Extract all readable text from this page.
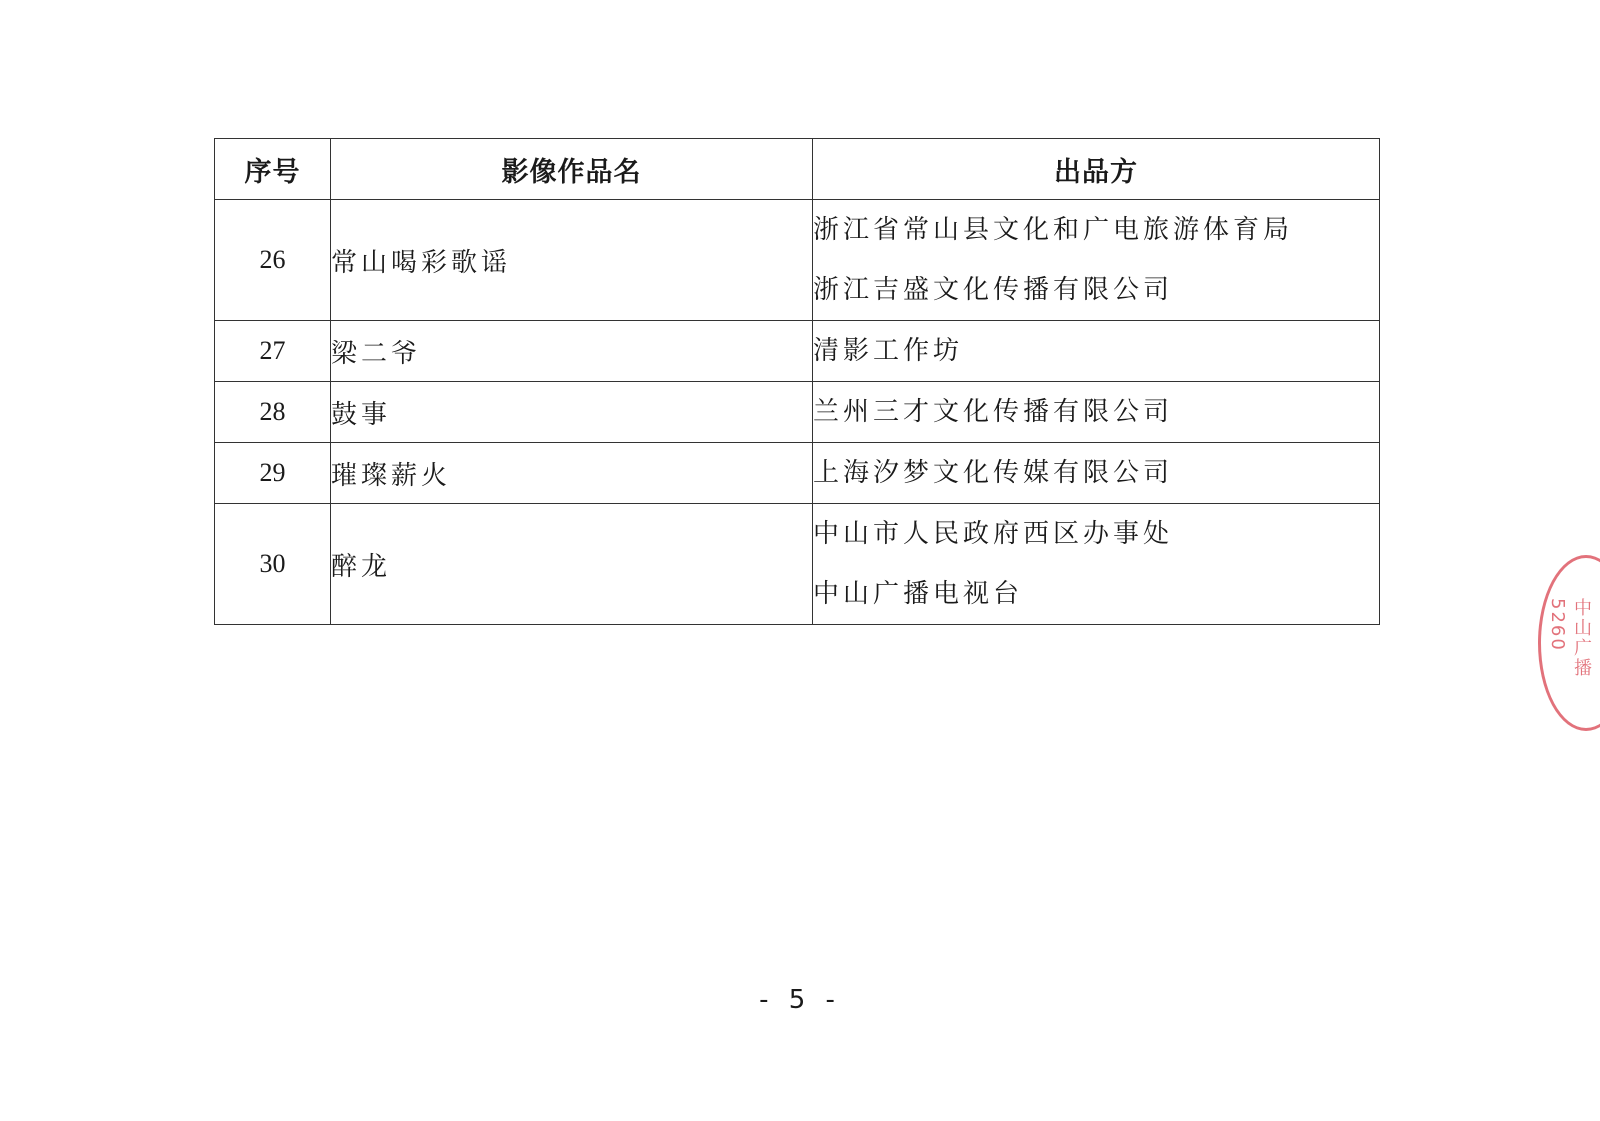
序号	影像作品名	出品方
26	常山喝彩歌谣	浙江省常山县文化和广电旅游体育局
浙江吉盛文化传播有限公司

27	梁二爷	清影工作坊

28	鼓事	兰州三才文化传播有限公司

29	璀璨薪火	上海汐梦文化传媒有限公司

30	醉龙	中山市人民政府西区办事处
中山广播电视台
- 5 -
中山广播 5260
